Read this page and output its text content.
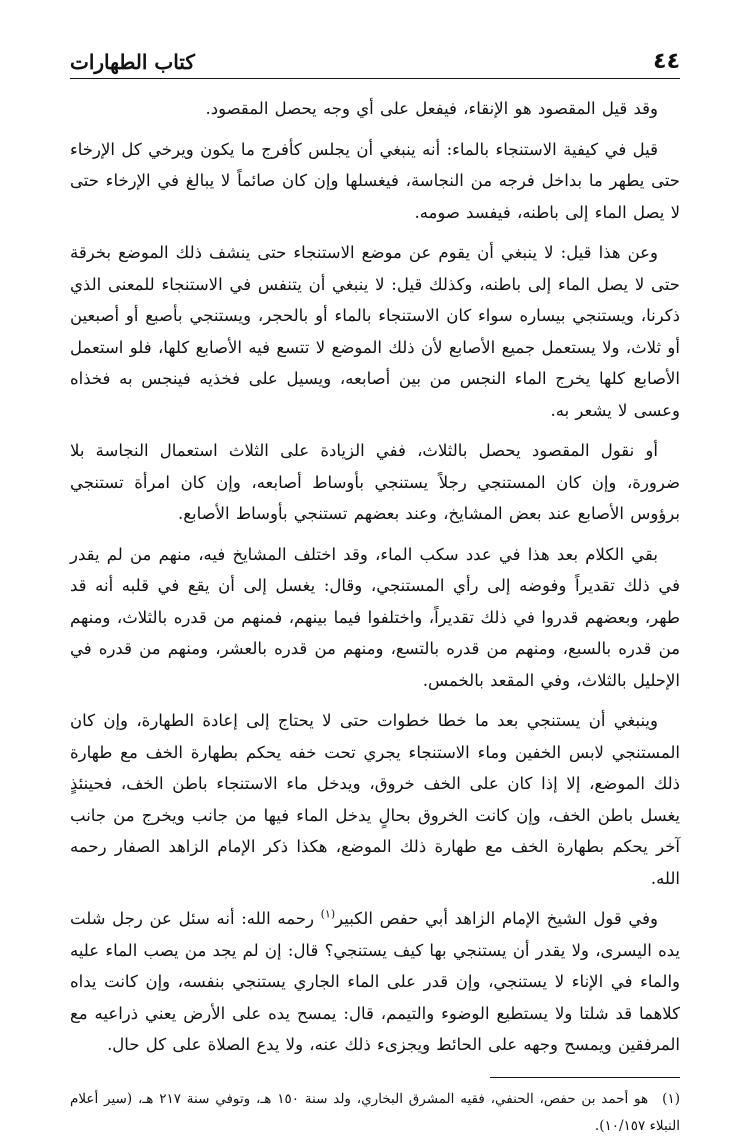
٤٤
كتاب الطهارات

وقد قيل المقصود هو الإنقاء، فيفعل على أي وجه يحصل المقصود.

قيل في كيفية الاستنجاء بالماء: أنه ينبغي أن يجلس كأفرج ما يكون ويرخي كل الإرخاء حتى يطهر ما بداخل فرجه من النجاسة، فيغسلها وإن كان صائماً لا يبالغ في الإرخاء حتى لا يصل الماء إلى باطنه، فيفسد صومه.

وعن هذا قيل: لا ينبغي أن يقوم عن موضع الاستنجاء حتى ينشف ذلك الموضع بخرقة حتى لا يصل الماء إلى باطنه، وكذلك قيل: لا ينبغي أن يتنفس في الاستنجاء للمعنى الذي ذكرنا، ويستنجي بيساره سواء كان الاستنجاء بالماء أو بالحجر، ويستنجي بأصبع أو أصبعين أو ثلاث، ولا يستعمل جميع الأصابع لأن ذلك الموضع لا تتسع فيه الأصابع كلها، فلو استعمل الأصابع كلها يخرج الماء النجس من بين أصابعه، ويسيل على فخذيه فينجس به فخذاه وعسى لا يشعر به.

أو نقول المقصود يحصل بالثلاث، ففي الزيادة على الثلاث استعمال النجاسة بلا ضرورة، وإن كان المستنجي رجلاً يستنجي بأوساط أصابعه، وإن كان امرأة تستنجي برؤوس الأصابع عند بعض المشايخ، وعند بعضهم تستنجي بأوساط الأصابع.

بقي الكلام بعد هذا في عدد سكب الماء، وقد اختلف المشايخ فيه، منهم من لم يقدر في ذلك تقديراً وفوضه إلى رأي المستنجي، وقال: يغسل إلى أن يقع في قلبه أنه قد طهر، وبعضهم قدروا في ذلك تقديراً، واختلفوا فيما بينهم، فمنهم من قدره بالثلاث، ومنهم من قدره بالسبع، ومنهم من قدره بالتسع، ومنهم من قدره بالعشر، ومنهم من قدره في الإحليل بالثلاث، وفي المقعد بالخمس.

وينبغي أن يستنجي بعد ما خطا خطوات حتى لا يحتاج إلى إعادة الطهارة، وإن كان المستنجي لابس الخفين وماء الاستنجاء يجري تحت خفه يحكم بطهارة الخف مع طهارة ذلك الموضع، إلا إذا كان على الخف خروق، ويدخل ماء الاستنجاء باطن الخف، فحينئذٍ يغسل باطن الخف، وإن كانت الخروق بحالٍ يدخل الماء فيها من جانب ويخرج من جانب آخر يحكم بطهارة الخف مع طهارة ذلك الموضع، هكذا ذكر الإمام الزاهد الصفار رحمه الله.

وفي قول الشيخ الإمام الزاهد أبي حفص الكبير$^{(١)}$ رحمه الله: أنه سئل عن رجل شلت يده اليسرى، ولا يقدر أن يستنجي بها كيف يستنجي؟ قال: إن لم يجد من يصب الماء عليه والماء في الإناء لا يستنجي، وإن قدر على الماء الجاري يستنجي بنفسه، وإن كانت يداه كلاهما قد شلتا ولا يستطيع الوضوء والتيمم، قال: يمسح يده على الأرض يعني ذراعيه مع المرفقين ويمسح وجهه على الحائط ويجزىء ذلك عنه، ولا يدع الصلاة على كل حال.

(١)هو أحمد بن حفص، الحنفي، فقيه المشرق البخاري، ولد سنة ١٥٠ هـ، وتوفي سنة ٢١٧ هـ، (سير أعلام النبلاء ١٠/١٥٧).
